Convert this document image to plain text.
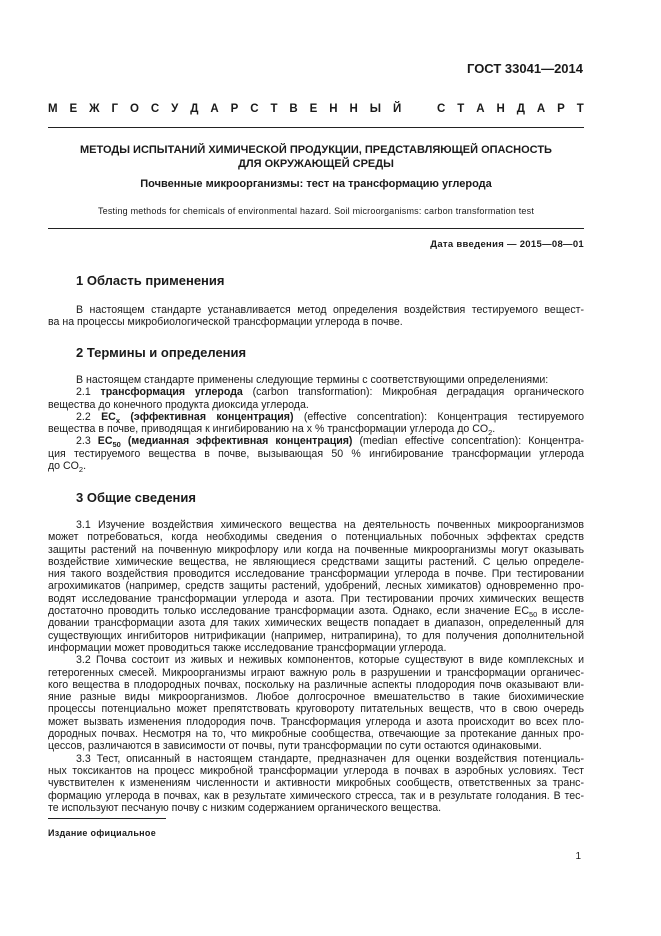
ГОСТ 33041—2014
М Е Ж Г О С У Д А Р С Т В Е Н Н Ы Й	С Т А Н Д А Р Т
МЕТОДЫ ИСПЫТАНИЙ ХИМИЧЕСКОЙ ПРОДУКЦИИ, ПРЕДСТАВЛЯЮЩЕЙ ОПАСНОСТЬ
ДЛЯ ОКРУЖАЮЩЕЙ СРЕДЫ
Почвенные микроорганизмы: тест на трансформацию углерода
Testing methods for chemicals of environmental hazard. Soil microorganisms: carbon transformation test
Дата введения — 2015—08—01
1 Область применения
В настоящем стандарте устанавливается метод определения воздействия тестируемого вещест-
ва на процессы микробиологической трансформации углерода в почве.
2 Термины и определения
В настоящем стандарте применены следующие термины с соответствующими определениями:
2.1 трансформация углерода (carbon transformation): Микробная деградация органического
вещества до конечного продукта диоксида углерода.
2.2 $EC_x$ (эффективная концентрация) (effective concentration): Концентрация тестируемого
вещества в почве, приводящая к ингибированию на x % трансформации углерода до $CO_2$.
2.3 $EC_{50}$ (медианная эффективная концентрация) (median effective concentration): Концентра-
ция тестируемого вещества в почве, вызывающая 50 % ингибирование трансформации углерода
до $CO_2$.
3 Общие сведения
3.1 Изучение воздействия химического вещества на деятельность почвенных микроорганизмов
может потребоваться, когда необходимы сведения о потенциальных побочных эффектах средств
защиты растений на почвенную микрофлору или когда на почвенные микроорганизмы могут оказывать
воздействие химические вещества, не являющиеся средствами защиты растений. С целью определе-
ния такого воздействия проводится исследование трансформации углерода в почве. При тестировании
агрохимикатов (например, средств защиты растений, удобрений, лесных химикатов) одновременно про-
водят исследование трансформации углерода и азота. При тестировании прочих химических веществ
достаточно проводить только исследование трансформации азота. Однако, если значение $EC_{50}$ в иссле-
довании трансформации азота для таких химических веществ попадает в диапазон, определенный для
существующих ингибиторов нитрификации (например, нитрапирина), то для получения дополнительной
информации может проводиться также исследование трансформации углерода.
3.2 Почва состоит из живых и неживых компонентов, которые существуют в виде комплексных и
гетерогенных смесей. Микроорганизмы играют важную роль в разрушении и трансформации органичес-
кого вещества в плодородных почвах, поскольку на различные аспекты плодородия почв оказывают вли-
яние разные виды микроорганизмов. Любое долгосрочное вмешательство в такие биохимические
процессы потенциально может препятствовать круговороту питательных веществ, что в свою очередь
может вызвать изменения плодородия почв. Трансформация углерода и азота происходит во всех пло-
дородных почвах. Несмотря на то, что микробные сообщества, отвечающие за протекание данных про-
цессов, различаются в зависимости от почвы, пути трансформации по сути остаются одинаковыми.
3.3 Тест, описанный в настоящем стандарте, предназначен для оценки воздействия потенциаль-
ных токсикантов на процесс микробной трансформации углерода в почвах в аэробных условиях. Тест
чувствителен к изменениям численности и активности микробных сообществ, ответственных за транс-
формацию углерода в почвах, как в результате химического стресса, так и в результате голодания. В тес-
те используют песчаную почву с низким содержанием органического вещества.
Издание официальное
1
